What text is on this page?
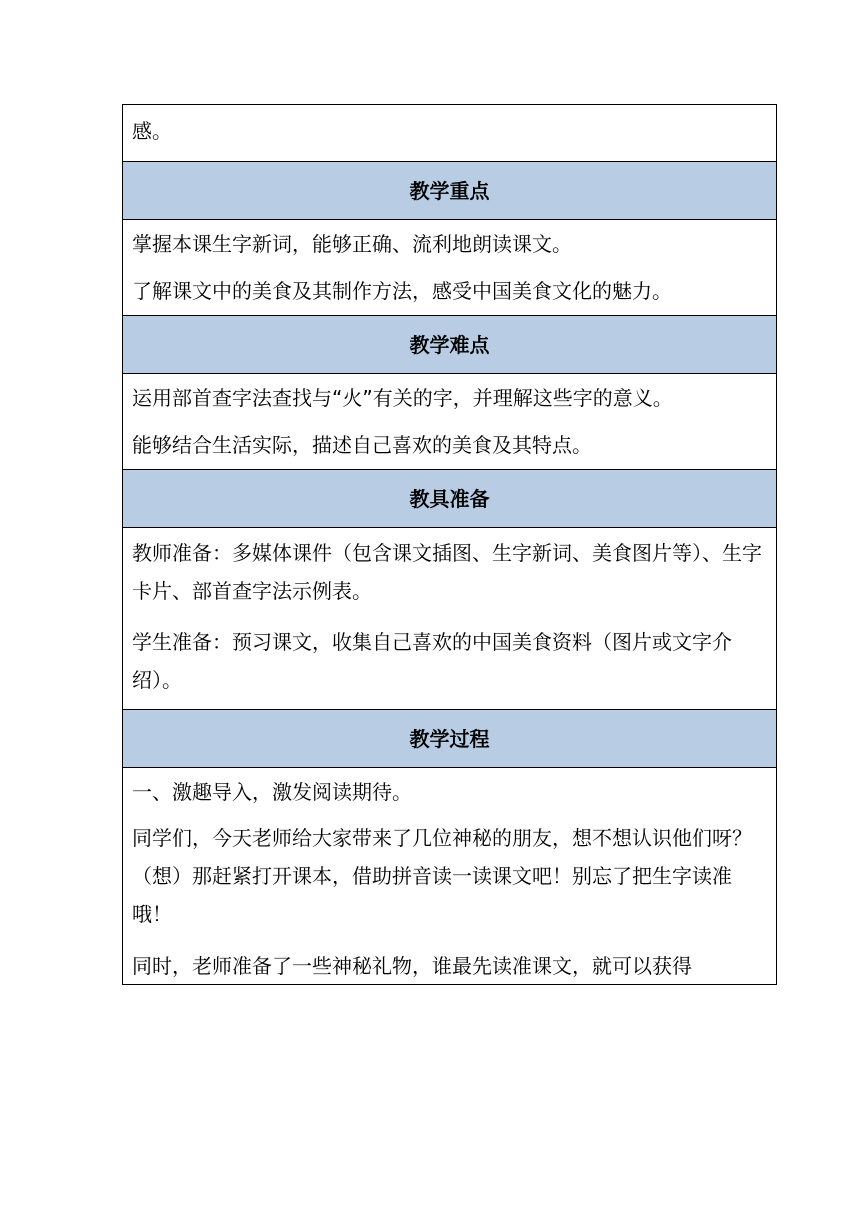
感。

教学重点

掌握本课生字新词，能够正确、流利地朗读课文。

了解课文中的美食及其制作方法，感受中国美食文化的魅力。

教学难点

运用部首查字法查找与“火”有关的字，并理解这些字的意义。

能够结合生活实际，描述自己喜欢的美食及其特点。

教具准备

教师准备：多媒体课件（包含课文插图、生字新词、美食图片等）、生字卡片、部首查字法示例表。

学生准备：预习课文，收集自己喜欢的中国美食资料（图片或文字介绍）。

教学过程

一、激趣导入，激发阅读期待。

同学们，今天老师给大家带来了几位神秘的朋友，想不想认识他们呀？（想）那赶紧打开课本，借助拼音读一读课文吧！别忘了把生字读准哦！

同时，老师准备了一些神秘礼物，谁最先读准课文，就可以获得
